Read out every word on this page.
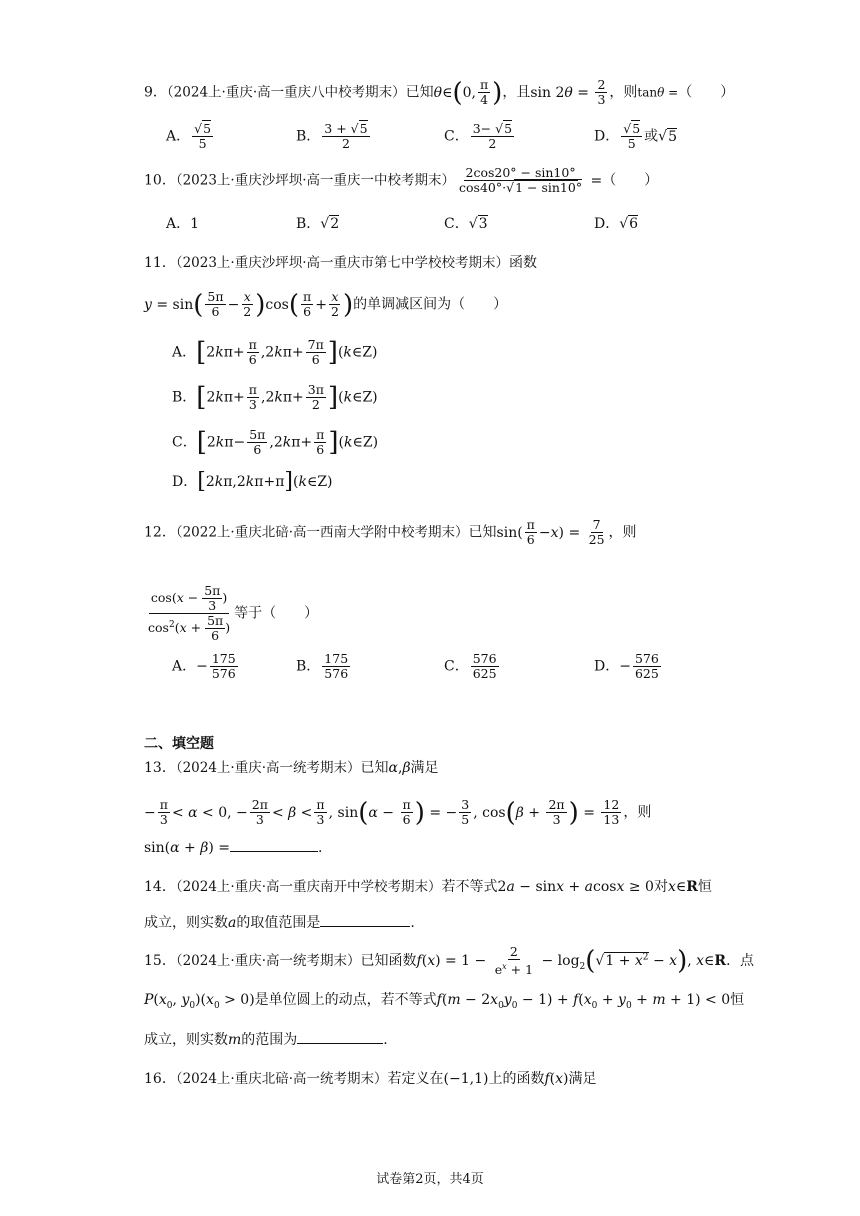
9．（2024上·重庆·高一重庆八中校考期末）已知θ∈(0, $\frac{\pi}{4}$ )，且$\sin 2\theta = \frac{2}{3}$ ，则tanθ =（　　）
A． $\frac{√5}{5}$	B． $\frac{3 + √5}{2}$	C． $\frac{3- √5}{2}$	D． $\frac{√5}{5}$ 或√5
10．（2023上·重庆沙坪坝·高一重庆一中校考期末） $\frac{2\cos 20^\circ - \sin 10^\circ}{\cos 40^\circ\cdot√1 - \sin 10^\circ}$ =（　　）
A．1	B．√2	C．√3	D．√6
11．（2023上·重庆沙坪坝·高一重庆市第七中学校校考期末）函数
$y = \sin( \frac{5\pi}{6} - \frac{x}{2} )\cos( \frac{\pi}{6} + \frac{x}{2}$ )的单调减区间为（　　）
A．[$2k\pi+ \frac{\pi}{6} ,2k\pi+ \frac{7\pi}{6}$ ](k∈Z)
B．[$2k\pi+ \frac{\pi}{3} ,2k\pi+ \frac{3\pi}{2}$ ](k∈Z)
C．[$2k\pi- \frac{5\pi}{6} ,2k\pi+ \frac{\pi}{6}$ ](k∈Z)
D．[2kπ,2kπ+π](k∈Z)
12．（2022上·重庆北碚·高一西南大学附中校考期末）已知$\sin( \frac{\pi}{6} -x) = \frac{7}{25}$ ，则
$\frac{\cos(x - \frac{5\pi}{3} )}{\cos^2(x + \frac{5\pi}{6} )}$ 等于（　　）
A．− $\frac{175}{576}$	B． $\frac{175}{576}$	C． $\frac{576}{625}$	D．− $\frac{576}{625}$
二、填空题
13．（2024上·重庆·高一统考期末）已知α,β满足
− $\frac{\pi}{3} < \alpha < 0$, − $\frac{2\pi}{3} < \beta < \frac{\pi}{3}$ , $\sin(\alpha - \frac{\pi}{6}$ ) = − $\frac{3}{5}$ , $\cos(\beta + \frac{2\pi}{3}$ ) = $\frac{12}{13}$ ，则
sin(α + β) =	.
14．（2024上·重庆·高一重庆南开中学校考期末）若不等式2a − sinx + acosx ≥ 0对x∈R恒
成立，则实数a的取值范围是	.
15．（2024上·重庆·高一统考期末）已知函数$f(x) = 1 - \frac{2}{e^x + 1} - \log_2(√1 + x^2 - x)$, x∈R．点
$P(x_0$, $y_0)(x_0 > 0)$是单位圆上的动点，若不等式$f(m - 2x_0y_0 - 1) + f(x_0 + y_0 + m + 1) < 0$恒
成立，则实数m的范围为	.
16．（2024上·重庆北碚·高一统考期末）若定义在(−1,1)上的函数f(x)满足
试卷第2页，共4页
